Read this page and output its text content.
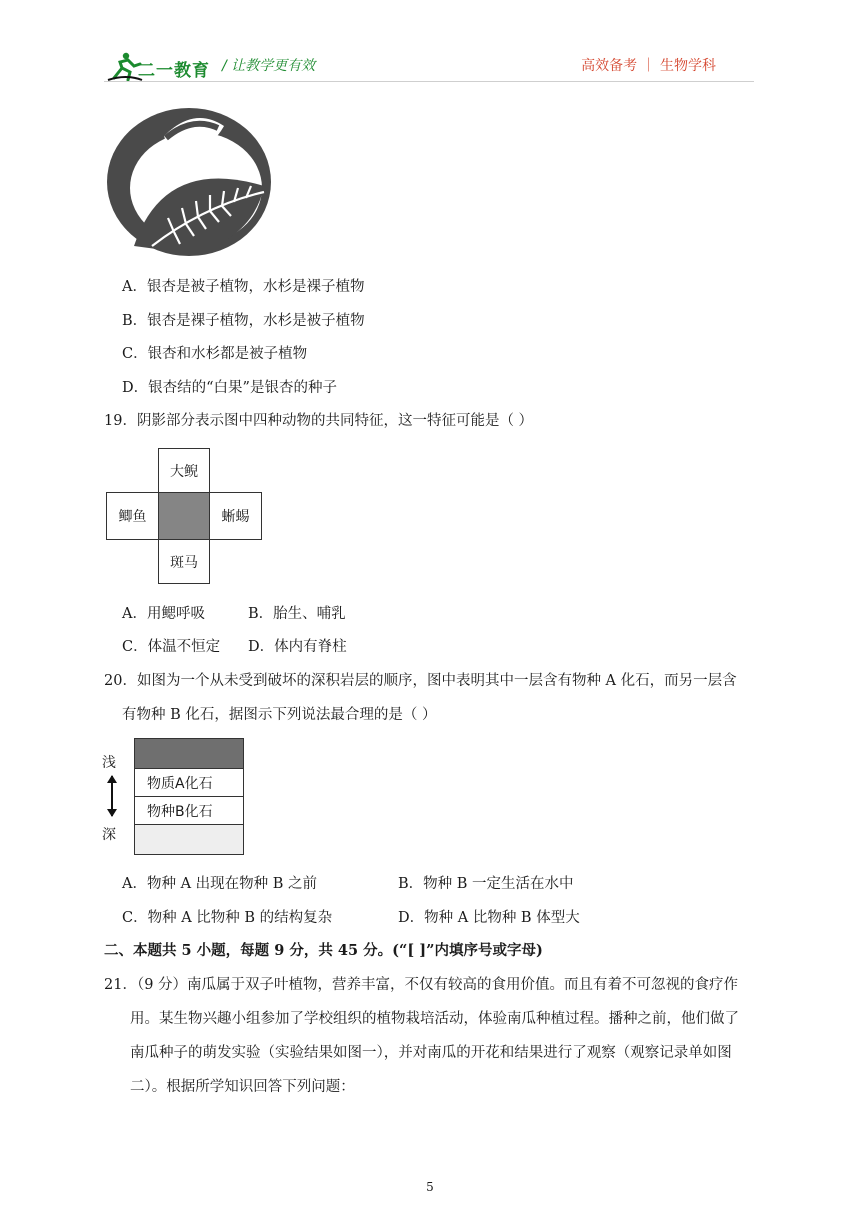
二一教育 / 让教学更有效	高效备考 ｜ 生物学科
A．银杏是被子植物，水杉是裸子植物
B．银杏是裸子植物，水杉是被子植物
C．银杏和水杉都是被子植物
D．银杏结的“白果”是银杏的种子
19．阴影部分表示图中四种动物的共同特征，这一特征可能是（ ）
大鲵
鲫鱼	蜥蜴
斑马
A．用鳃呼吸	B．胎生、哺乳
C．体温不恒定 D．体内有脊柱
20．如图为一个从未受到破坏的深积岩层的顺序，图中表明其中一层含有物种 A 化石，而另一层含
有物种 B 化石，据图示下列说法最合理的是（ ）
浅
深
物质A化石
物种B化石
A．物种 A 出现在物种 B 之前	B．物种 B 一定生活在水中
C．物种 A 比物种 B 的结构复杂	D．物种 A 比物种 B 体型大
二、本题共 5 小题，每题 9 分，共 45 分。(“[ ]”内填序号或字母)
21．（9 分）南瓜属于双子叶植物，营养丰富，不仅有较高的食用价值。而且有着不可忽视的食疗作
用。某生物兴趣小组参加了学校组织的植物栽培活动，体验南瓜种植过程。播种之前，他们做了
南瓜种子的萌发实验（实验结果如图一），并对南瓜的开花和结果进行了观察（观察记录单如图
二）。根据所学知识回答下列问题：
5
